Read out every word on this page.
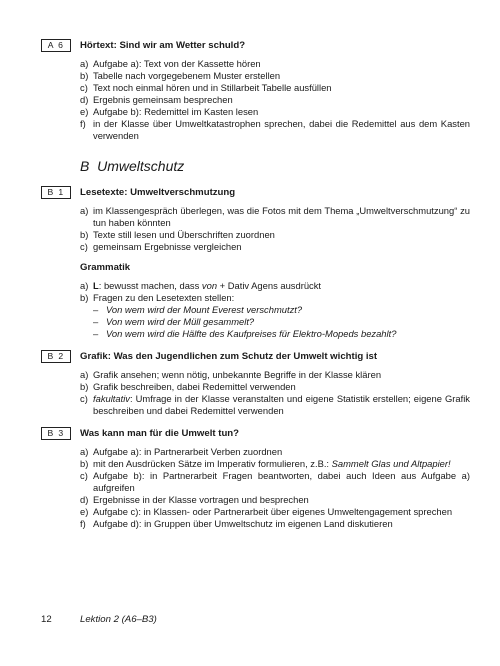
A 6	Hörtext: Sind wir am Wetter schuld?
a) Aufgabe a): Text von der Kassette hören
b) Tabelle nach vorgegebenem Muster erstellen
c) Text noch einmal hören und in Stillarbeit Tabelle ausfüllen
d) Ergebnis gemeinsam besprechen
e) Aufgabe b): Redemittel im Kasten lesen
f) in der Klasse über Umweltkatastrophen sprechen, dabei die Redemittel aus dem Kasten verwenden
B Umweltschutz
B 1	Lesetexte: Umweltverschmutzung
a) im Klassengespräch überlegen, was die Fotos mit dem Thema „Umweltverschmutzung“ zu tun haben könnten
b) Texte still lesen und Überschriften zuordnen
c) gemeinsam Ergebnisse vergleichen
Grammatik
a) L: bewusst machen, dass von + Dativ Agens ausdrückt
b) Fragen zu den Lesetexten stellen:
– Von wem wird der Mount Everest verschmutzt?
– Von wem wird der Müll gesammelt?
– Von wem wird die Hälfte des Kaufpreises für Elektro-Mopeds bezahlt?
B 2	Grafik: Was den Jugendlichen zum Schutz der Umwelt wichtig ist
a) Grafik ansehen; wenn nötig, unbekannte Begriffe in der Klasse klären
b) Grafik beschreiben, dabei Redemittel verwenden
c) fakultativ: Umfrage in der Klasse veranstalten und eigene Statistik erstellen; eigene Grafik beschreiben und dabei Redemittel verwenden
B 3	Was kann man für die Umwelt tun?
a) Aufgabe a): in Partnerarbeit Verben zuordnen
b) mit den Ausdrücken Sätze im Imperativ formulieren, z.B.: Sammelt Glas und Altpapier!
c) Aufgabe b): in Partnerarbeit Fragen beantworten, dabei auch Ideen aus Aufgabe a) aufgreifen
d) Ergebnisse in der Klasse vortragen und besprechen
e) Aufgabe c): in Klassen- oder Partnerarbeit über eigenes Umweltengagement sprechen
f) Aufgabe d): in Gruppen über Umweltschutz im eigenen Land diskutieren
12	Lektion 2 (A6–B3)
